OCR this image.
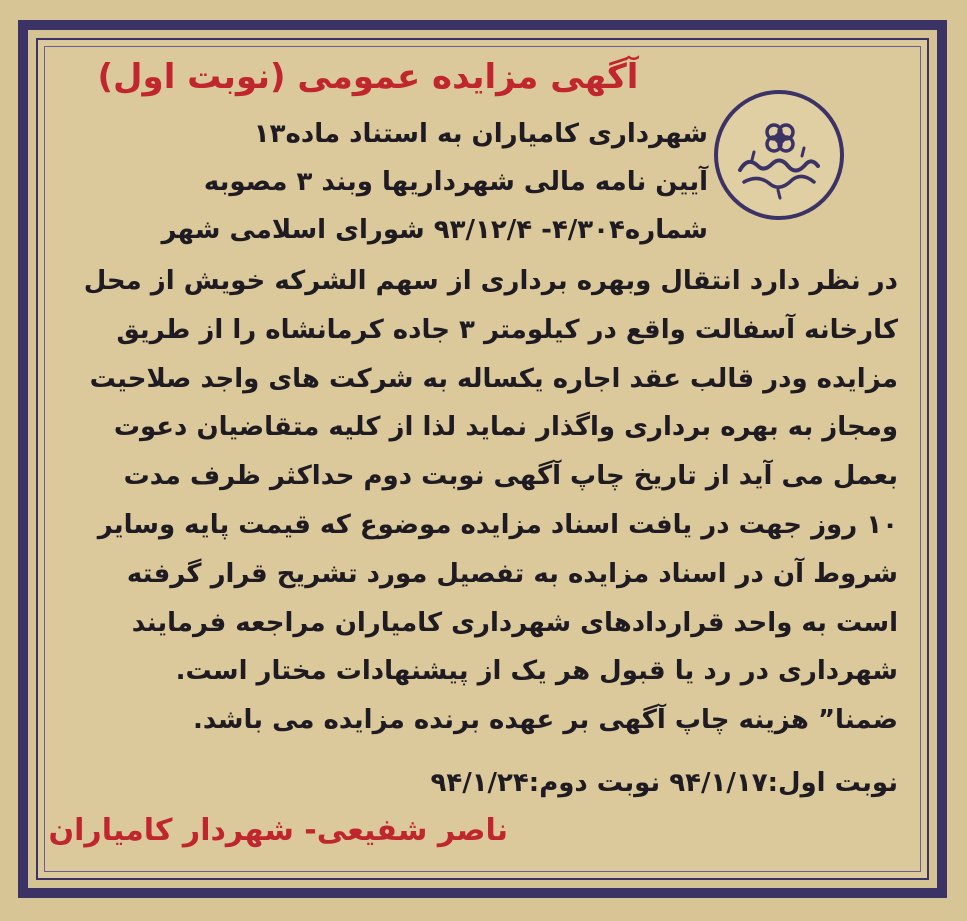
آگهی مزایده عمومی (نوبت اول)
شهرداری کامیاران به استناد ماده۱۳
آیین نامه مالی شهرداریها وبند ۳ مصوبه
شماره۴/۳۰۴- ۹۳/۱۲/۴ شورای اسلامی شهر
در نظر دارد انتقال وبهره برداری از سهم الشرکه خویش از محل
کارخانه آسفالت واقع در کیلومتر ۳ جاده کرمانشاه را از طریق
مزایده ودر قالب عقد اجاره یکساله به شرکت های واجد صلاحیت
ومجاز به بهره برداری واگذار نماید لذا از کلیه متقاضیان دعوت
بعمل می آید از تاریخ چاپ آگهی نوبت دوم حداکثر ظرف مدت
۱۰ روز جهت در یافت اسناد مزایده موضوع که قیمت پایه وسایر
شروط آن در اسناد مزایده به تفصیل مورد تشریح قرار گرفته
است به واحد قراردادهای شهرداری کامیاران مراجعه فرمایند
شهرداری در رد یا قبول هر یک از پیشنهادات مختار است.
ضمنا” هزینه چاپ آگهی بر عهده برنده مزایده می باشد.
نوبت اول:۹۴/۱/۱۷ نوبت دوم:۹۴/۱/۲۴
ناصر شفیعی- شهردار کامیاران
